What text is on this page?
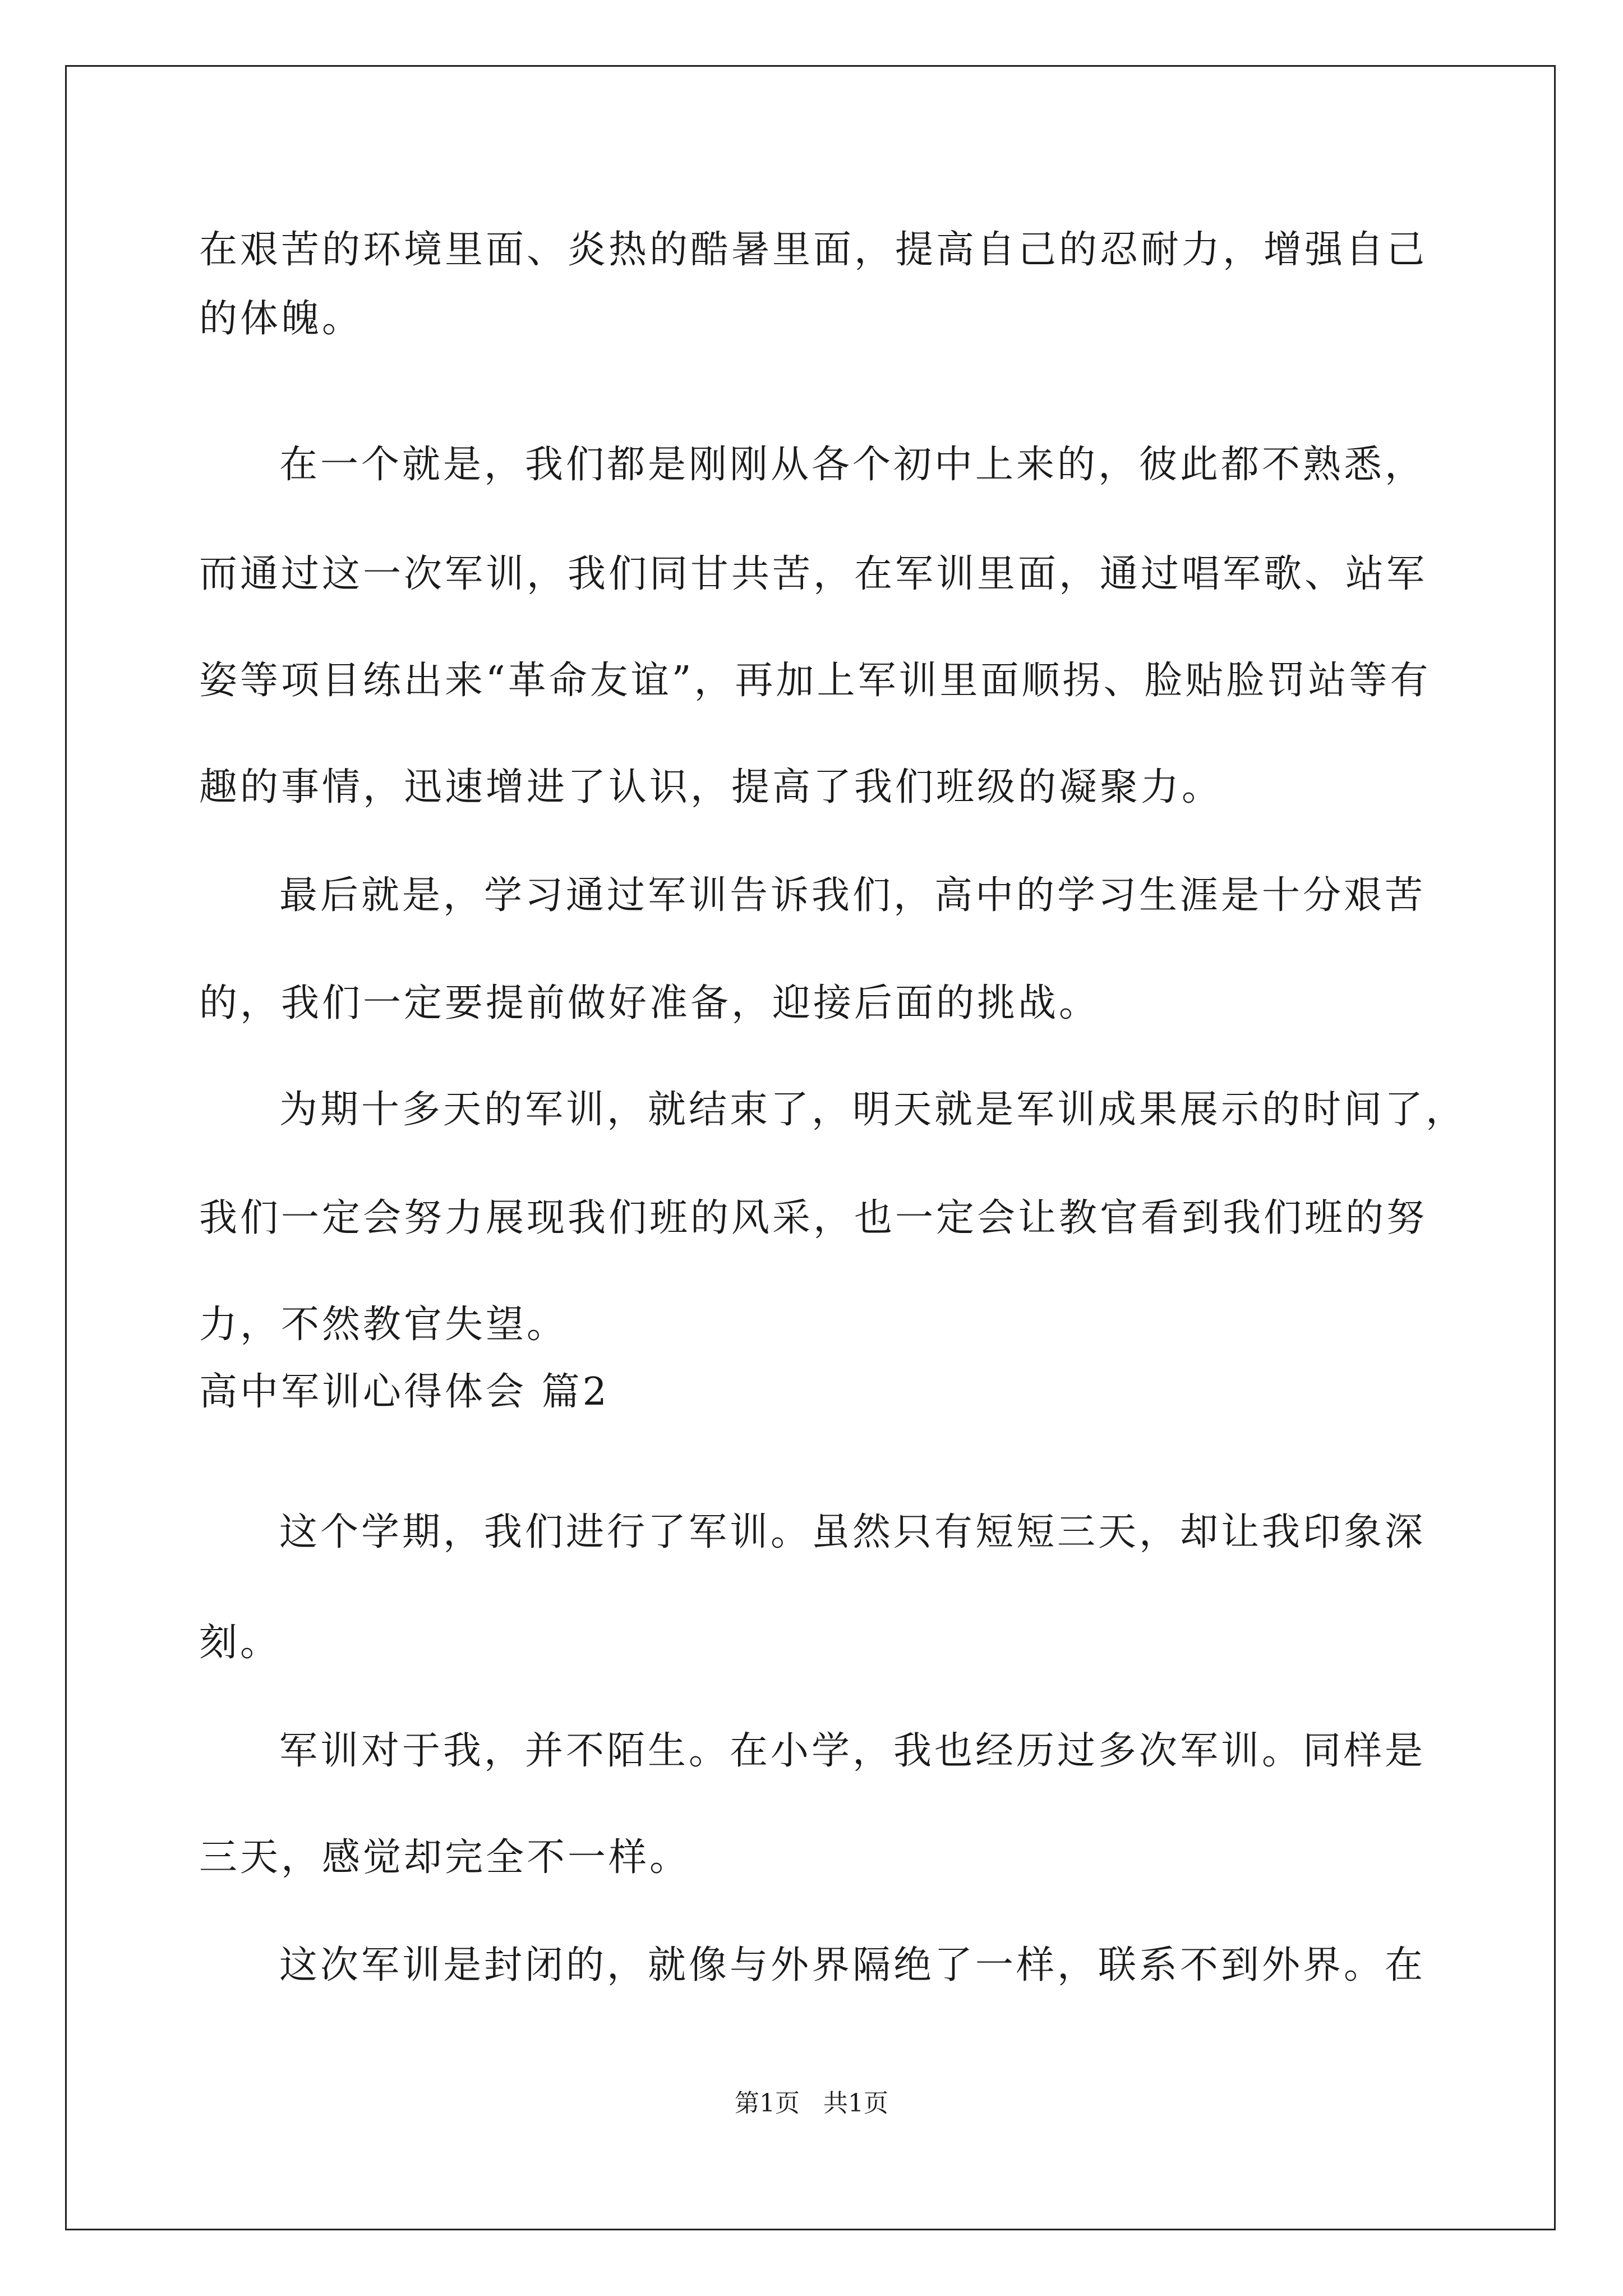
在艰苦的环境里面、炎热的酷暑里面，提高自己的忍耐力，增强自己
的体魄。
在一个就是，我们都是刚刚从各个初中上来的，彼此都不熟悉，
而通过这一次军训，我们同甘共苦，在军训里面，通过唱军歌、站军
姿等项目练出来“革命友谊”，再加上军训里面顺拐、脸贴脸罚站等有
趣的事情，迅速增进了认识，提高了我们班级的凝聚力。
最后就是，学习通过军训告诉我们，高中的学习生涯是十分艰苦
的，我们一定要提前做好准备，迎接后面的挑战。
为期十多天的军训，就结束了，明天就是军训成果展示的时间了，
我们一定会努力展现我们班的风采，也一定会让教官看到我们班的努
力，不然教官失望。
高中军训心得体会 篇2
这个学期，我们进行了军训。虽然只有短短三天，却让我印象深
刻。
军训对于我，并不陌生。在小学，我也经历过多次军训。同样是
三天，感觉却完全不一样。
这次军训是封闭的，就像与外界隔绝了一样，联系不到外界。在
第1页   共1页
